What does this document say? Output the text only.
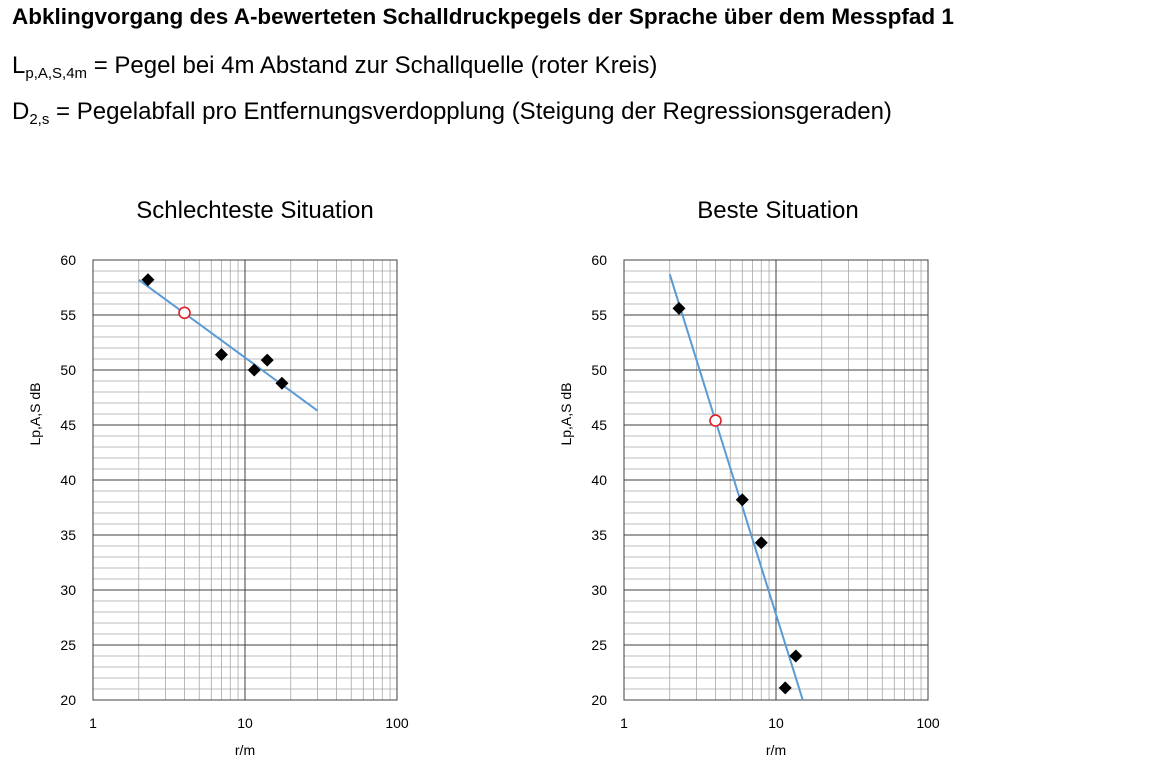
Abklingvorgang des A-bewerteten Schalldruckpegels der Sprache über dem Messpfad 1
$L_{p,A,S,4m}$ = Pegel bei 4m Abstand zur Schallquelle (roter Kreis)
$D_{2,s}$ = Pegelabfall pro Entfernungsverdopplung (Steigung der Regressionsgeraden)
20
25
30
35
40
45
50
55
60
1	10	100
Schlechteste Situation
r/m
Lp,A,S dB
20
25
30
35
40
45
50
55
60
1	10	100
Beste Situation
r/m
Lp,A,S dB
